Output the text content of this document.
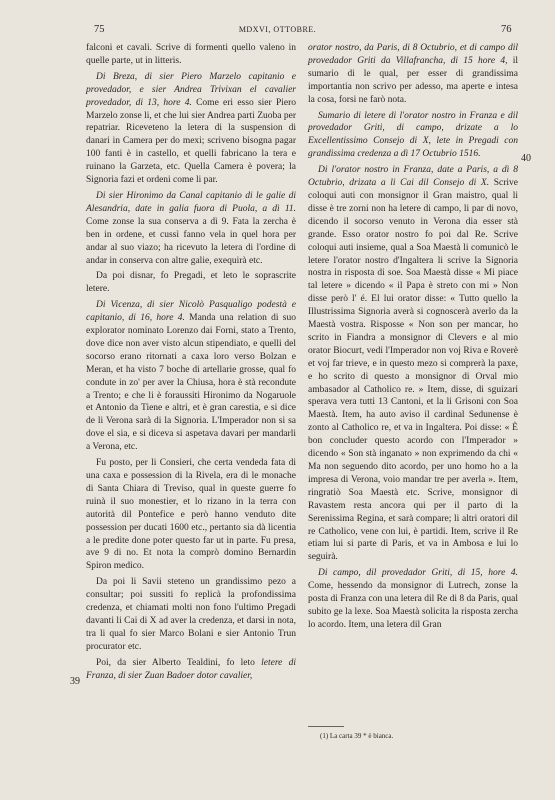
75	MDXVI, OTTOBRE.	76
40
39

falconi et cavali. Scrive di formenti quello valeno in quelle parte, ut in litteris.

Di Breza, di sier Piero Marzelo capitanio e provedador, e sier Andrea Trivixan el cavalier provedador, di 13, hore 4. Come eri esso sier Piero Marzelo zonse li, et che lui sier Andrea parti Zuoba per repatriar. Riceveteno la letera di la suspension di danari in Camera per do mexi; scriveno bisogna pagar 100 fanti è in castello, et quelli fabricano la tera e ruinano la Garzeta, etc. Quella Camera è povera; la Signoria fazi et ordeni come li par.

Di sier Hironimo da Canal capitanio di le galie di Alesandria, date in galia fuora di Puola, a dì 11. Come zonse la sua conserva a dì 9. Fata la zercha è ben in ordene, et cussì fanno vela in quel hora per andar al suo viazo; ha ricevuto la letera di l'ordine di andar in conserva con altre galie, exequirà etc.

Da poi disnar, fo Pregadi, et leto le soprascrite letere.

Di Vicenza, di sier Nicolò Pasqualigo podestà e capitanio, di 16, hore 4. Manda una relation di suo explorator nominato Lorenzo dai Forni, stato a Trento, dove dice non aver visto alcun stipendiato, e quelli del socorso erano ritornati a caxa loro verso Bolzan e Meran, et ha visto 7 boche di artellarie grosse, qual fo condute in zo' per aver la Chiusa, hora è stà recondute a Trento; e che li è foraussiti Hironimo da Nogaruole et Antonio da Tiene e altri, et è gran carestia, e si dice de li Verona sarà di la Signoria. L'Imperador non si sa dove el sia, e si diceva si aspetava davari per mandarli a Verona, etc.

Fu posto, per li Consieri, che certa vendeda fata di una caxa e possession di la Rivela, era di le monache di Santa Chiara di Treviso, qual in queste guerre fo ruinà il suo monestier, et lo rizano in la terra con autorità dil Pontefice e però hanno venduto dite possession per ducati 1600 etc., pertanto sia dà licentia a le predite done poter questo far ut in parte. Fu presa, ave 9 di no. Et nota la comprò domino Bernardin Spiron medico.

Da poi li Savii steteno un grandissimo pezo a consultar; poi sussiti fo replicà la profondissima credenza, et chiamati molti non fono l'ultimo Pregadi davanti li Cai di X ad aver la credenza, et darsi in nota, tra li qual fo sier Marco Bolani e sier Antonio Trun procurator etc.

Poi, da sier Alberto Tealdini, fo leto letere di Franza, di sier Zuan Badoer dotor cavalier,

orator nostro, da Paris, di 8 Octubrio, et di campo dil provedador Griti da Villafrancha, di 15 hore 4, il sumario di le qual, per esser di grandissima importantia non scrivo per adesso, ma aperte e intesa la cosa, forsi ne farò nota.

Sumario di letere di l'orator nostro in Franza e dil provedador Griti, di campo, drizate a lo Excellentissimo Consejo di X, lete in Pregadi con grandissima credenza a dì 17 Octubrio 1516.

Di l'orator nostro in Franza, date a Paris, a dì 8 Octubrio, drizata a li Cai dil Consejo di X. Scrive coloqui auti con monsignor il Gran maistro, qual li disse è tre zorni non ha letere di campo, li par di novo, dicendo il socorso venuto in Verona dia esser stà grande. Esso orator nostro fo poi dal Re. Scrive coloqui auti insieme, qual a Soa Maestà li comunicò le letere l'orator nostro d'Ingaltera li scrive la Signoria nostra in risposta di soe. Soa Maestà disse « Mi piace tal letere » dicendo « il Papa è streto con mi » Non disse però l' é. El lui orator disse: « Tutto quello la Illustrissima Signoria averà si cognoscerà averlo da la Maestà vostra. Risposse « Non son per mancar, ho scrito in Fiandra a monsignor di Clevers e al mio orator Biocurt, vedi l'Imperador non voj Riva e Roverè et voj far trieve, e in questo mezo si comprerà la paxe, e ho scrito di questo a monsignor di Orval mio ambasador al Catholico re. » Item, disse, di sguizari sperava vera tutti 13 Cantoni, et la li Grisoni con Soa Maestà. Item, ha auto aviso il cardinal Sedunense è zonto al Catholico re, et va in Ingaltera. Poi disse: « È bon concluder questo acordo con l'Imperador » dicendo « Son stà inganato » non exprimendo da chi « Ma non seguendo dito acordo, per uno homo ho a la impresa di Verona, voio mandar tre per averla ». Item, ringratiò Soa Maestà etc. Scrive, monsignor di Ravastem resta ancora qui per il parto di la Serenissima Regina, et sarà compare; li altri oratori dil re Catholico, vene con lui, è partidi. Item, scrive il Re etiam lui si parte di Paris, et va in Ambosa e lui lo seguirà.

Di campo, dil provedador Griti, di 15, hore 4. Come, hessendo da monsignor di Lutrech, zonse la posta di Franza con una letera dil Re di 8 da Paris, qual subito ge la lexe. Soa Maestà solicita la risposta zercha lo acordo. Item, una letera dil Gran

(1) La carta 39 * è bianca.
